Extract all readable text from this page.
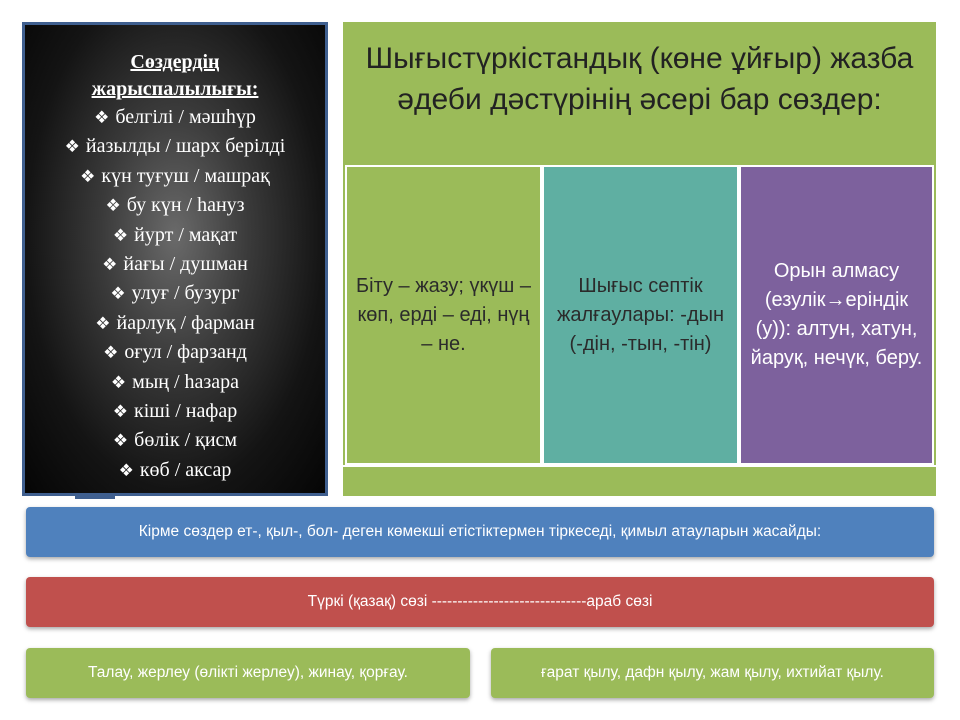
Сөздердің
жарыспалылығы:
❖ белгілі / мәшһүр
❖ йазылды / шарх берілді
❖ күн туғуш / машрақ
❖ бу күн / һануз
❖ йурт / мақат
❖ йағы / душман
❖ улуғ / бузург
❖ йарлуқ / фарман
❖ оғул / фарзанд
❖ мың / һазара
❖ кіші / нафар
❖ бөлік / қисм
❖ көб / аксар
Шығыстүркістандық (көне ұйғыр) жазба әдеби дәстүрінің әсері бар сөздер:
Біту – жазу; үкүш – көп, ерді – еді, нүң – не.
Шығыс септік жалғаулары: -дын (-дін, -тын, -тін)
Орын алмасу (езулік→еріндік (у)): алтун, хатун, йаруқ, нечүк, беру.
Кірме сөздер ет-, қыл-, бол- деген көмекші етістіктермен тіркеседі, қимыл атауларын жасайды:
Түркі (қазақ) сөзі ------------------------------араб сөзі
Талау, жерлеу (өлікті жерлеу), жинау, қорғау.	ғарат қылу, дафн қылу, жам қылу, ихтийат қылу.
